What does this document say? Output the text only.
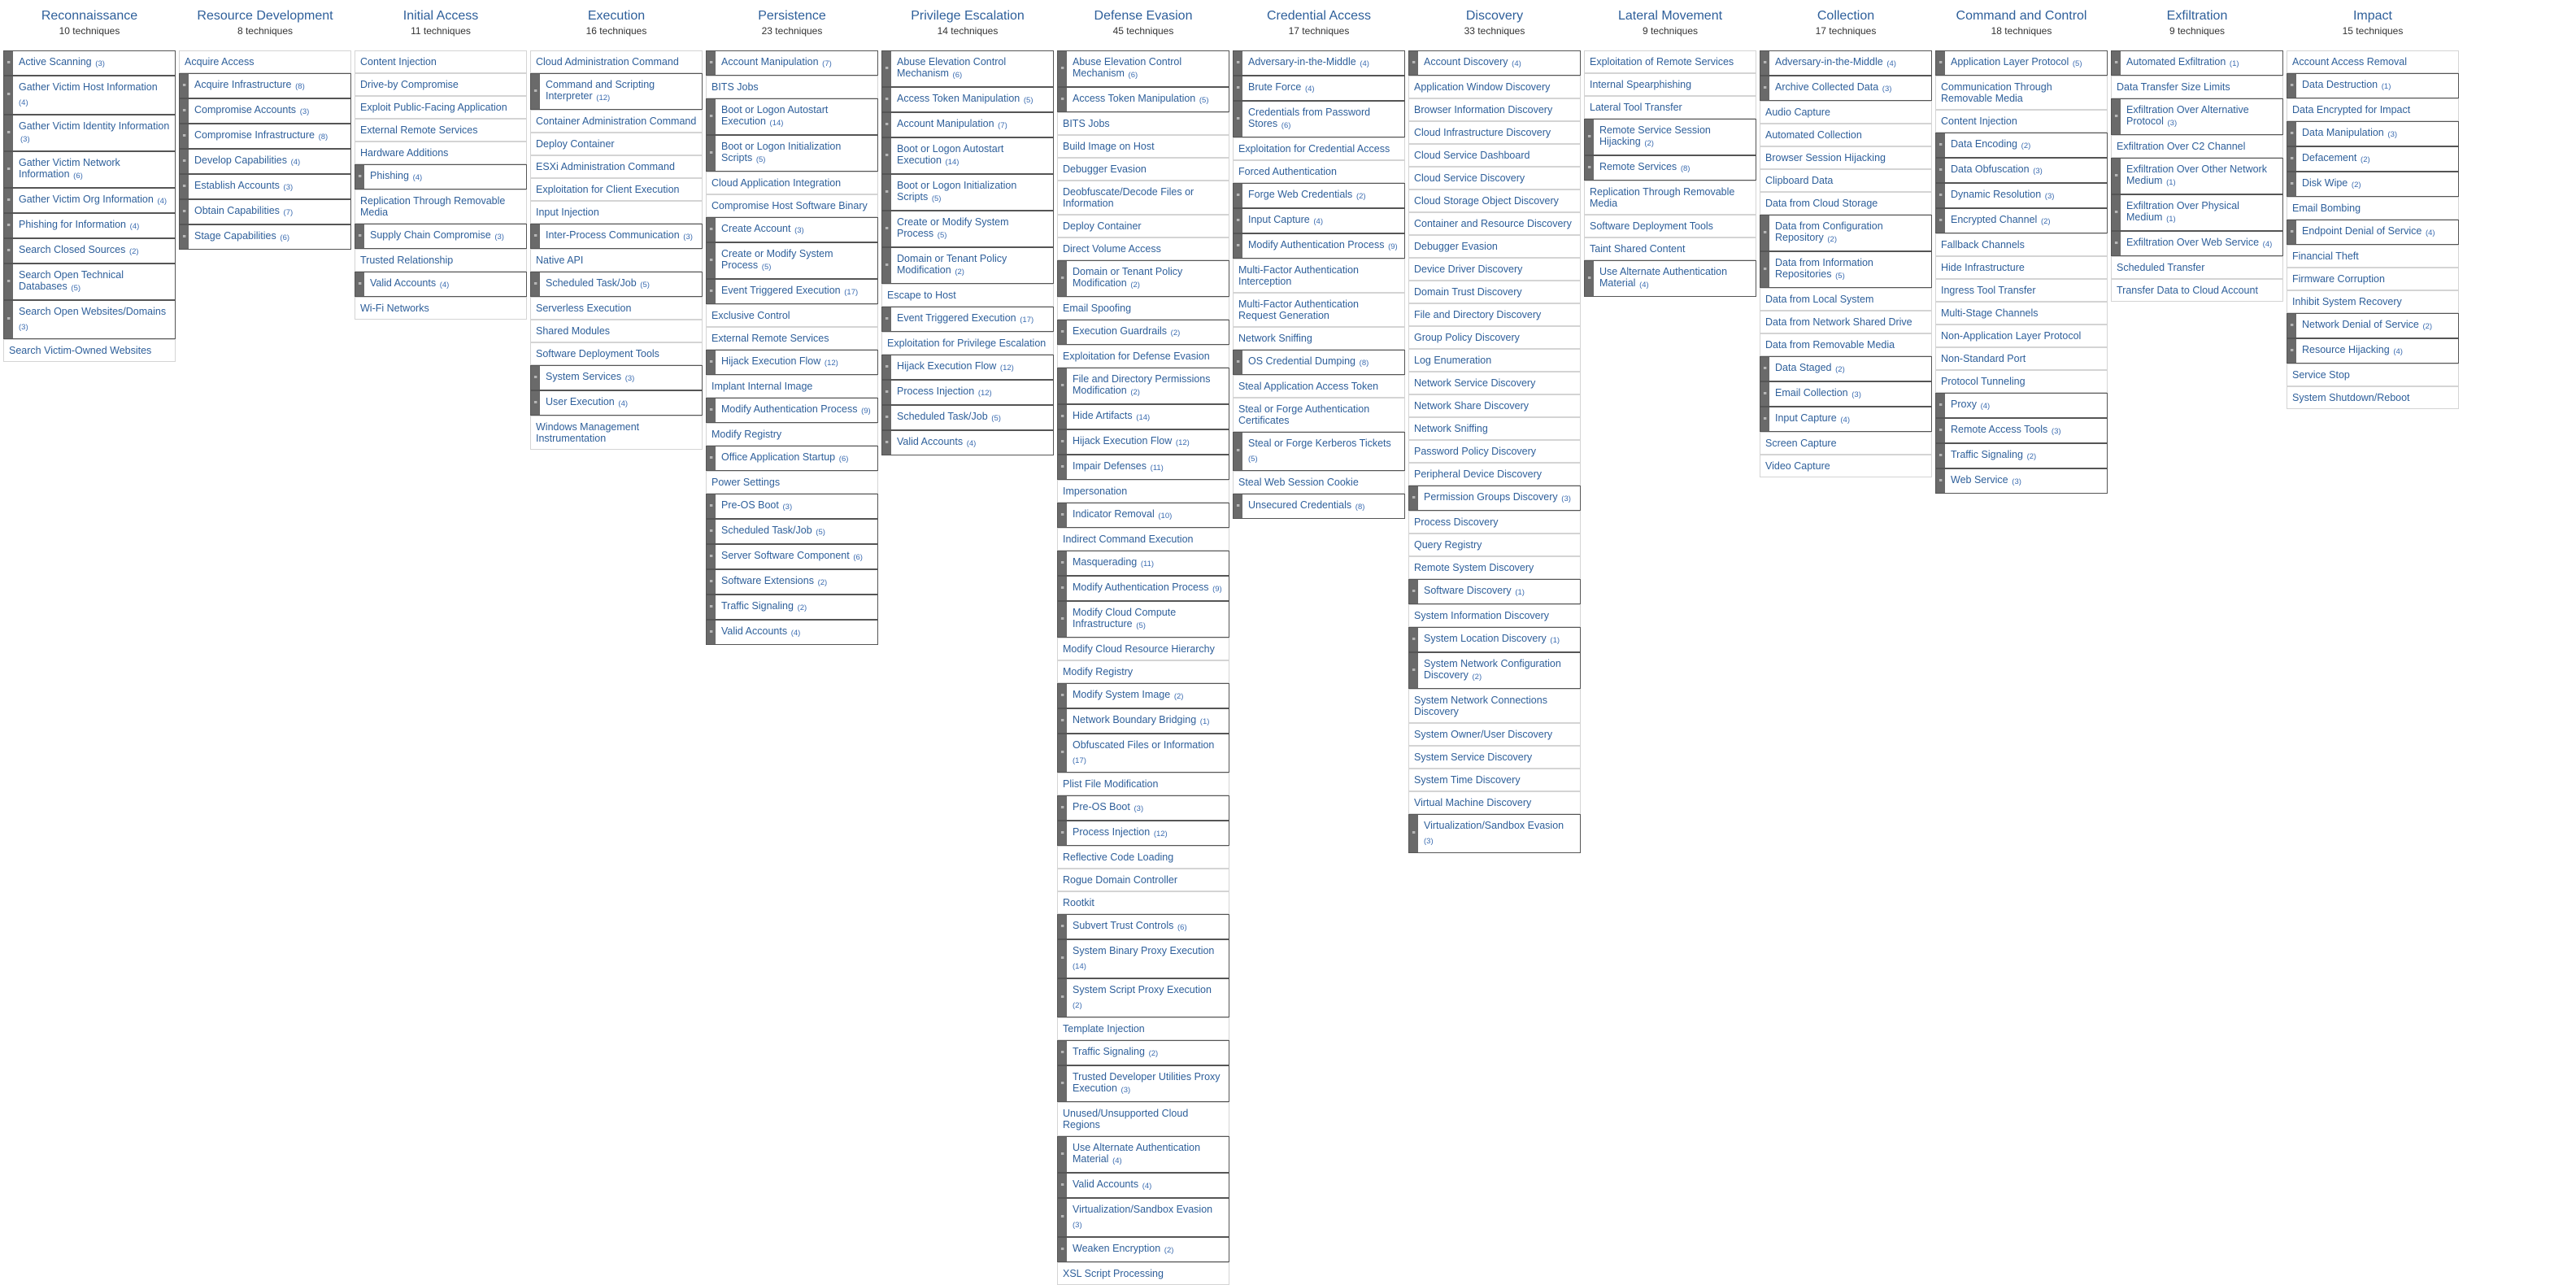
Reconnaissance
10 techniques
≡ Active Scanning (3)
≡
Gather Victim Host Information (4)
≡
Gather Victim Identity Information (3)
≡
Gather Victim Network Information (6)
≡ Gather Victim Org Information (4)
≡ Phishing for Information (4)
≡ Search Closed Sources (2)
≡
Search Open Technical Databases (5)
≡
Search Open Websites/Domains (3)
Search Victim-Owned Websites
Resource Development
8 techniques
Acquire Access
≡ Acquire Infrastructure (8)
≡ Compromise Accounts (3)
≡ Compromise Infrastructure (8)
≡ Develop Capabilities (4)
≡ Establish Accounts (3)
≡ Obtain Capabilities (7)
≡ Stage Capabilities (6)
Initial Access
11 techniques
Content Injection
Drive-by Compromise
Exploit Public-Facing Application
External Remote Services
Hardware Additions
≡ Phishing (4)
Replication Through Removable Media
≡ Supply Chain Compromise (3)
Trusted Relationship
≡ Valid Accounts (4)
Wi-Fi Networks
Execution
16 techniques
Cloud Administration Command
≡
Command and Scripting Interpreter (12)
Container Administration Command
Deploy Container
ESXi Administration Command
Exploitation for Client Execution
Input Injection
≡ Inter-Process Communication (3)
Native API
≡ Scheduled Task/Job (5)
Serverless Execution
Shared Modules
Software Deployment Tools
≡ System Services (3)
≡ User Execution (4)
Windows Management Instrumentation
Persistence
23 techniques
≡ Account Manipulation (7)
BITS Jobs
≡
Boot or Logon Autostart Execution (14)
≡
Boot or Logon Initialization Scripts (5)
Cloud Application Integration
Compromise Host Software Binary
≡ Create Account (3)
≡
Create or Modify System Process (5)
≡ Event Triggered Execution (17)
Exclusive Control
External Remote Services
≡ Hijack Execution Flow (12)
Implant Internal Image
≡ Modify Authentication Process (9)
Modify Registry
≡ Office Application Startup (6)
Power Settings
≡ Pre-OS Boot (3)
≡ Scheduled Task/Job (5)
≡ Server Software Component (6)
≡ Software Extensions (2)
≡ Traffic Signaling (2)
≡ Valid Accounts (4)
Privilege Escalation
14 techniques
≡
Abuse Elevation Control Mechanism (6)
≡ Access Token Manipulation (5)
≡ Account Manipulation (7)
≡
Boot or Logon Autostart Execution (14)
≡
Boot or Logon Initialization Scripts (5)
≡
Create or Modify System Process (5)
≡
Domain or Tenant Policy Modification (2)
Escape to Host
≡ Event Triggered Execution (17)
Exploitation for Privilege Escalation
≡ Hijack Execution Flow (12)
≡ Process Injection (12)
≡ Scheduled Task/Job (5)
≡ Valid Accounts (4)
Defense Evasion
45 techniques
≡
Abuse Elevation Control Mechanism (6)
≡ Access Token Manipulation (5)
BITS Jobs
Build Image on Host
Debugger Evasion
Deobfuscate/Decode Files or Information
Deploy Container
Direct Volume Access
≡
Domain or Tenant Policy Modification (2)
Email Spoofing
≡ Execution Guardrails (2)
Exploitation for Defense Evasion
≡
File and Directory Permissions Modification (2)
≡ Hide Artifacts (14)
≡ Hijack Execution Flow (12)
≡ Impair Defenses (11)
Impersonation
≡ Indicator Removal (10)
Indirect Command Execution
≡ Masquerading (11)
≡ Modify Authentication Process (9)
≡
Modify Cloud Compute Infrastructure (5)
Modify Cloud Resource Hierarchy
Modify Registry
≡ Modify System Image (2)
≡ Network Boundary Bridging (1)
≡
Obfuscated Files or Information (17)
Plist File Modification
≡ Pre-OS Boot (3)
≡ Process Injection (12)
Reflective Code Loading
Rogue Domain Controller
Rootkit
≡ Subvert Trust Controls (6)
≡
System Binary Proxy Execution (14)
≡
System Script Proxy Execution (2)
Template Injection
≡ Traffic Signaling (2)
≡
Trusted Developer Utilities Proxy Execution (3)
Unused/Unsupported Cloud Regions
≡
Use Alternate Authentication Material (4)
≡ Valid Accounts (4)
≡
Virtualization/Sandbox Evasion (3)
≡ Weaken Encryption (2)
XSL Script Processing
Credential Access
17 techniques
≡ Adversary-in-the-Middle (4)
≡ Brute Force (4)
≡
Credentials from Password Stores (6)
Exploitation for Credential Access
Forced Authentication
≡ Forge Web Credentials (2)
≡ Input Capture (4)
≡ Modify Authentication Process (9)
Multi-Factor Authentication Interception
Multi-Factor Authentication Request Generation
Network Sniffing
≡ OS Credential Dumping (8)
Steal Application Access Token
Steal or Forge Authentication Certificates
≡
Steal or Forge Kerberos Tickets (5)
Steal Web Session Cookie
≡ Unsecured Credentials (8)
Discovery
33 techniques
≡ Account Discovery (4)
Application Window Discovery
Browser Information Discovery
Cloud Infrastructure Discovery
Cloud Service Dashboard
Cloud Service Discovery
Cloud Storage Object Discovery
Container and Resource Discovery
Debugger Evasion
Device Driver Discovery
Domain Trust Discovery
File and Directory Discovery
Group Policy Discovery
Log Enumeration
Network Service Discovery
Network Share Discovery
Network Sniffing
Password Policy Discovery
Peripheral Device Discovery
≡ Permission Groups Discovery (3)
Process Discovery
Query Registry
Remote System Discovery
≡ Software Discovery (1)
System Information Discovery
≡ System Location Discovery (1)
≡
System Network Configuration Discovery (2)
System Network Connections Discovery
System Owner/User Discovery
System Service Discovery
System Time Discovery
Virtual Machine Discovery
≡
Virtualization/Sandbox Evasion (3)
Lateral Movement
9 techniques
Exploitation of Remote Services
Internal Spearphishing
Lateral Tool Transfer
≡
Remote Service Session Hijacking (2)
≡ Remote Services (8)
Replication Through Removable Media
Software Deployment Tools
Taint Shared Content
≡
Use Alternate Authentication Material (4)
Collection
17 techniques
≡ Adversary-in-the-Middle (4)
≡ Archive Collected Data (3)
Audio Capture
Automated Collection
Browser Session Hijacking
Clipboard Data
Data from Cloud Storage
≡
Data from Configuration Repository (2)
≡
Data from Information Repositories (5)
Data from Local System
Data from Network Shared Drive
Data from Removable Media
≡ Data Staged (2)
≡ Email Collection (3)
≡ Input Capture (4)
Screen Capture
Video Capture
Command and Control
18 techniques
≡ Application Layer Protocol (5)
Communication Through Removable Media
Content Injection
≡ Data Encoding (2)
≡ Data Obfuscation (3)
≡ Dynamic Resolution (3)
≡ Encrypted Channel (2)
Fallback Channels
Hide Infrastructure
Ingress Tool Transfer
Multi-Stage Channels
Non-Application Layer Protocol
Non-Standard Port
Protocol Tunneling
≡ Proxy (4)
≡ Remote Access Tools (3)
≡ Traffic Signaling (2)
≡ Web Service (3)
Exfiltration
9 techniques
≡ Automated Exfiltration (1)
Data Transfer Size Limits
≡
Exfiltration Over Alternative Protocol (3)
Exfiltration Over C2 Channel
≡
Exfiltration Over Other Network Medium (1)
≡
Exfiltration Over Physical Medium (1)
≡ Exfiltration Over Web Service (4)
Scheduled Transfer
Transfer Data to Cloud Account
Impact
15 techniques
Account Access Removal
≡ Data Destruction (1)
Data Encrypted for Impact
≡ Data Manipulation (3)
≡ Defacement (2)
≡ Disk Wipe (2)
Email Bombing
≡ Endpoint Denial of Service (4)
Financial Theft
Firmware Corruption
Inhibit System Recovery
≡ Network Denial of Service (2)
≡ Resource Hijacking (4)
Service Stop
System Shutdown/Reboot
